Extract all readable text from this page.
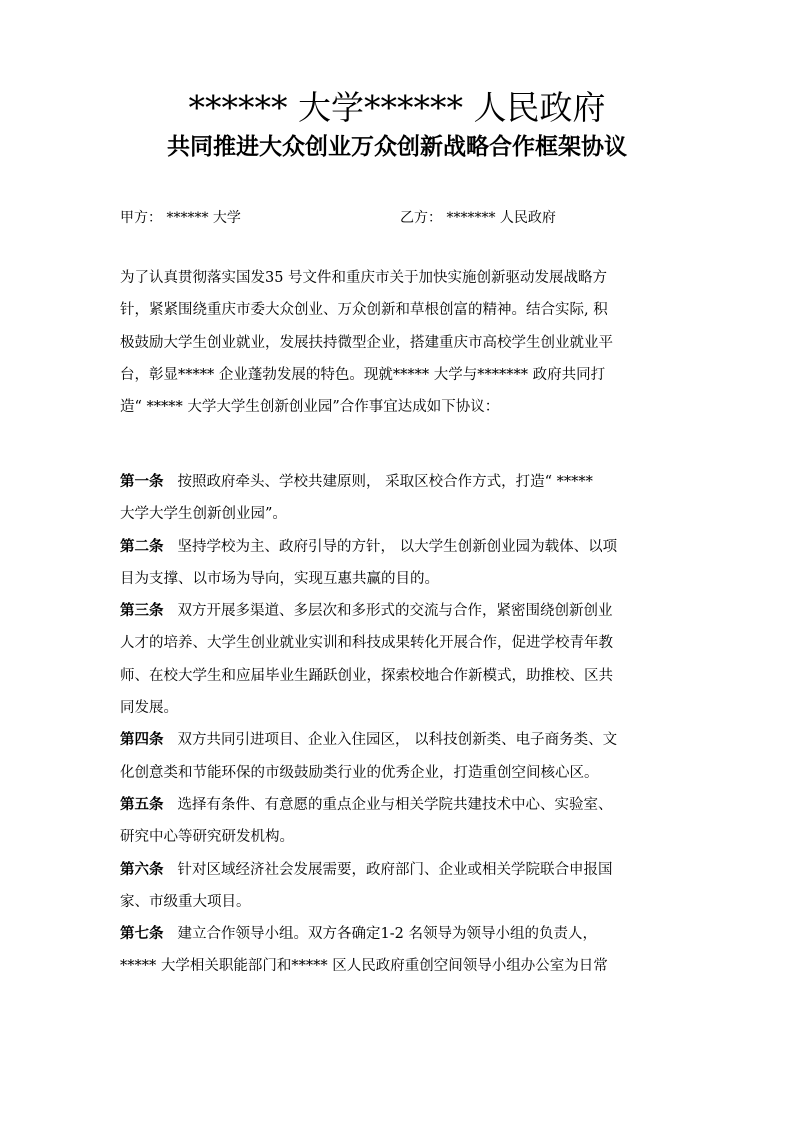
****** 大学****** 人民政府
共同推进大众创业万众创新战略合作框架协议
甲方： ****** 大学	乙方： ******* 人民政府
为了认真贯彻落实国发35 号文件和重庆市关于加快实施创新驱动发展战略方
针，紧紧围绕重庆市委大众创业、万众创新和草根创富的精神。结合实际, 积
极鼓励大学生创业就业，发展扶持微型企业，搭建重庆市高校学生创业就业平
台，彰显***** 企业蓬勃发展的特色。现就***** 大学与******* 政府共同打
造“ ***** 大学大学生创新创业园”合作事宜达成如下协议：
第一条 按照政府牵头、学校共建原则， 采取区校合作方式，打造“ *****
大学大学生创新创业园”。
第二条 坚持学校为主、政府引导的方针， 以大学生创新创业园为载体、以项
目为支撑、以市场为导向，实现互惠共赢的目的。
第三条 双方开展多渠道、多层次和多形式的交流与合作，紧密围绕创新创业
人才的培养、大学生创业就业实训和科技成果转化开展合作，促进学校青年教
师、在校大学生和应届毕业生踊跃创业，探索校地合作新模式，助推校、区共
同发展。
第四条 双方共同引进项目、企业入住园区， 以科技创新类、电子商务类、文
化创意类和节能环保的市级鼓励类行业的优秀企业，打造重创空间核心区。
第五条 选择有条件、有意愿的重点企业与相关学院共建技术中心、实验室、
研究中心等研究研发机构。
第六条 针对区域经济社会发展需要，政府部门、企业或相关学院联合申报国
家、市级重大项目。
第七条 建立合作领导小组。双方各确定1-2 名领导为领导小组的负责人，
***** 大学相关职能部门和***** 区人民政府重创空间领导小组办公室为日常
